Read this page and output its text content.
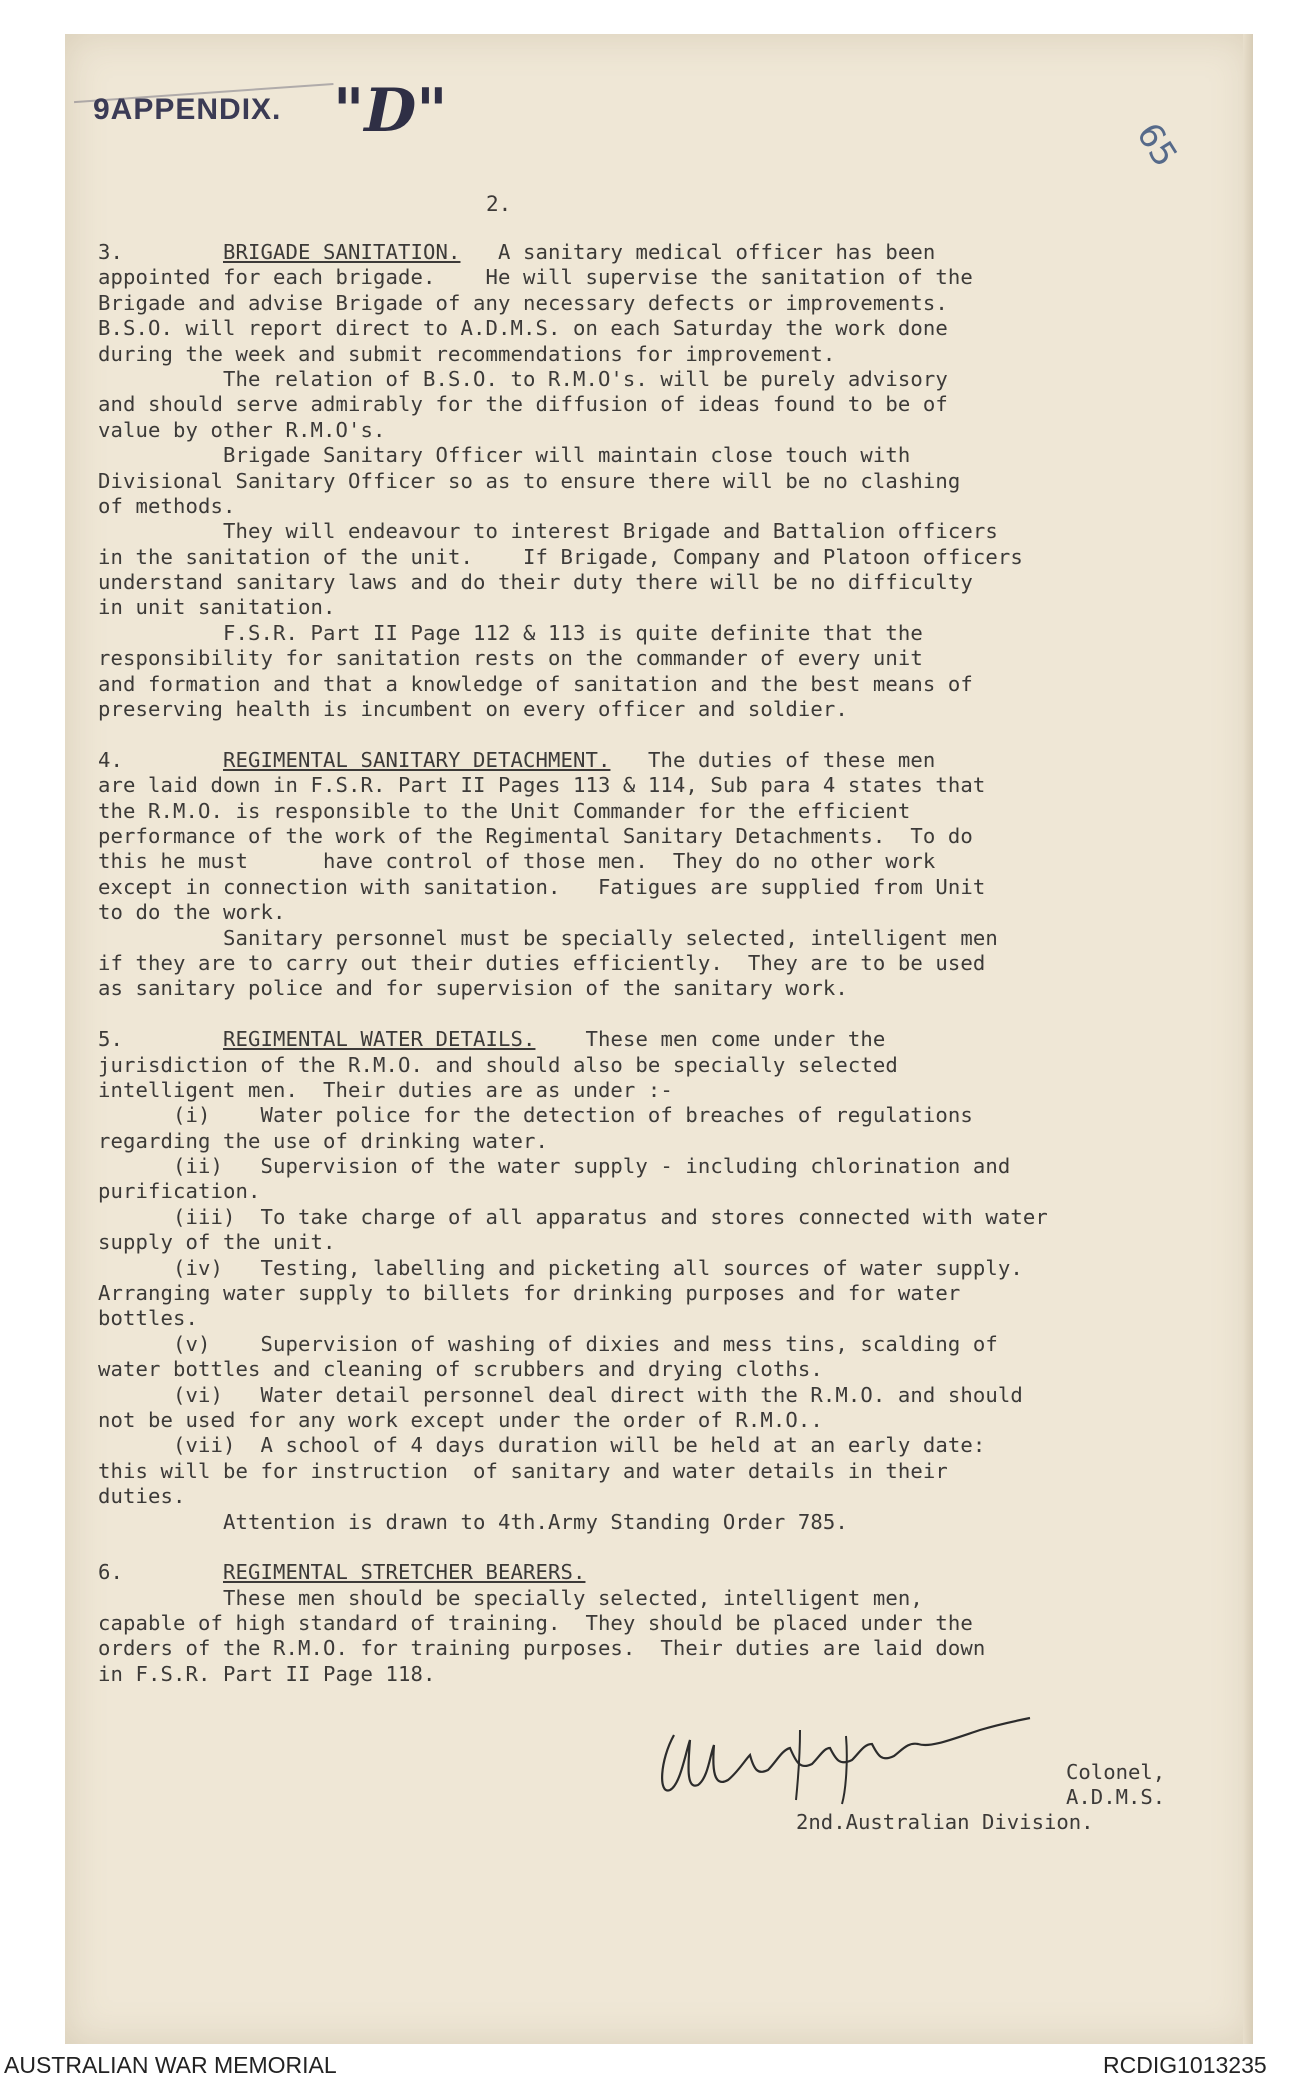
9APPENDIX. "D"	65
2.
3.        BRIGADE SANITATION.   A sanitary medical officer has been
appointed for each brigade.    He will supervise the sanitation of the
Brigade and advise Brigade of any necessary defects or improvements.
B.S.O. will report direct to A.D.M.S. on each Saturday the work done
during the week and submit recommendations for improvement.
The relation of B.S.O. to R.M.O's. will be purely advisory
and should serve admirably for the diffusion of ideas found to be of
value by other R.M.O's.
Brigade Sanitary Officer will maintain close touch with
Divisional Sanitary Officer so as to ensure there will be no clashing
of methods.
They will endeavour to interest Brigade and Battalion officers
in the sanitation of the unit.    If Brigade, Company and Platoon officers
understand sanitary laws and do their duty there will be no difficulty
in unit sanitation.
F.S.R. Part II Page 112 & 113 is quite definite that the
responsibility for sanitation rests on the commander of every unit
and formation and that a knowledge of sanitation and the best means of
preserving health is incumbent on every officer and soldier.
4.        REGIMENTAL SANITARY DETACHMENT.   The duties of these men
are laid down in F.S.R. Part II Pages 113 & 114, Sub para 4 states that
the R.M.O. is responsible to the Unit Commander for the efficient
performance of the work of the Regimental Sanitary Detachments.  To do
this he must      have control of those men.  They do no other work
except in connection with sanitation.   Fatigues are supplied from Unit
to do the work.
Sanitary personnel must be specially selected, intelligent men
if they are to carry out their duties efficiently.  They are to be used
as sanitary police and for supervision of the sanitary work.
5.        REGIMENTAL WATER DETAILS.    These men come under the
jurisdiction of the R.M.O. and should also be specially selected
intelligent men.  Their duties are as under :-
(i)    Water police for the detection of breaches of regulations
regarding the use of drinking water.
(ii)   Supervision of the water supply - including chlorination and
purification.
(iii)  To take charge of all apparatus and stores connected with water
supply of the unit.
(iv)   Testing, labelling and picketing all sources of water supply.
Arranging water supply to billets for drinking purposes and for water
bottles.
(v)    Supervision of washing of dixies and mess tins, scalding of
water bottles and cleaning of scrubbers and drying cloths.
(vi)   Water detail personnel deal direct with the R.M.O. and should
not be used for any work except under the order of R.M.O..
(vii)  A school of 4 days duration will be held at an early date:
this will be for instruction  of sanitary and water details in their
duties.
Attention is drawn to 4th.Army Standing Order 785.
6.        REGIMENTAL STRETCHER BEARERS.
These men should be specially selected, intelligent men,
capable of high standard of training.  They should be placed under the
orders of the R.M.O. for training purposes.  Their duties are laid down
in F.S.R. Part II Page 118.
Colonel,
A.D.M.S.
2nd.Australian Division.
AUSTRALIAN WAR MEMORIAL	RCDIG1013235
